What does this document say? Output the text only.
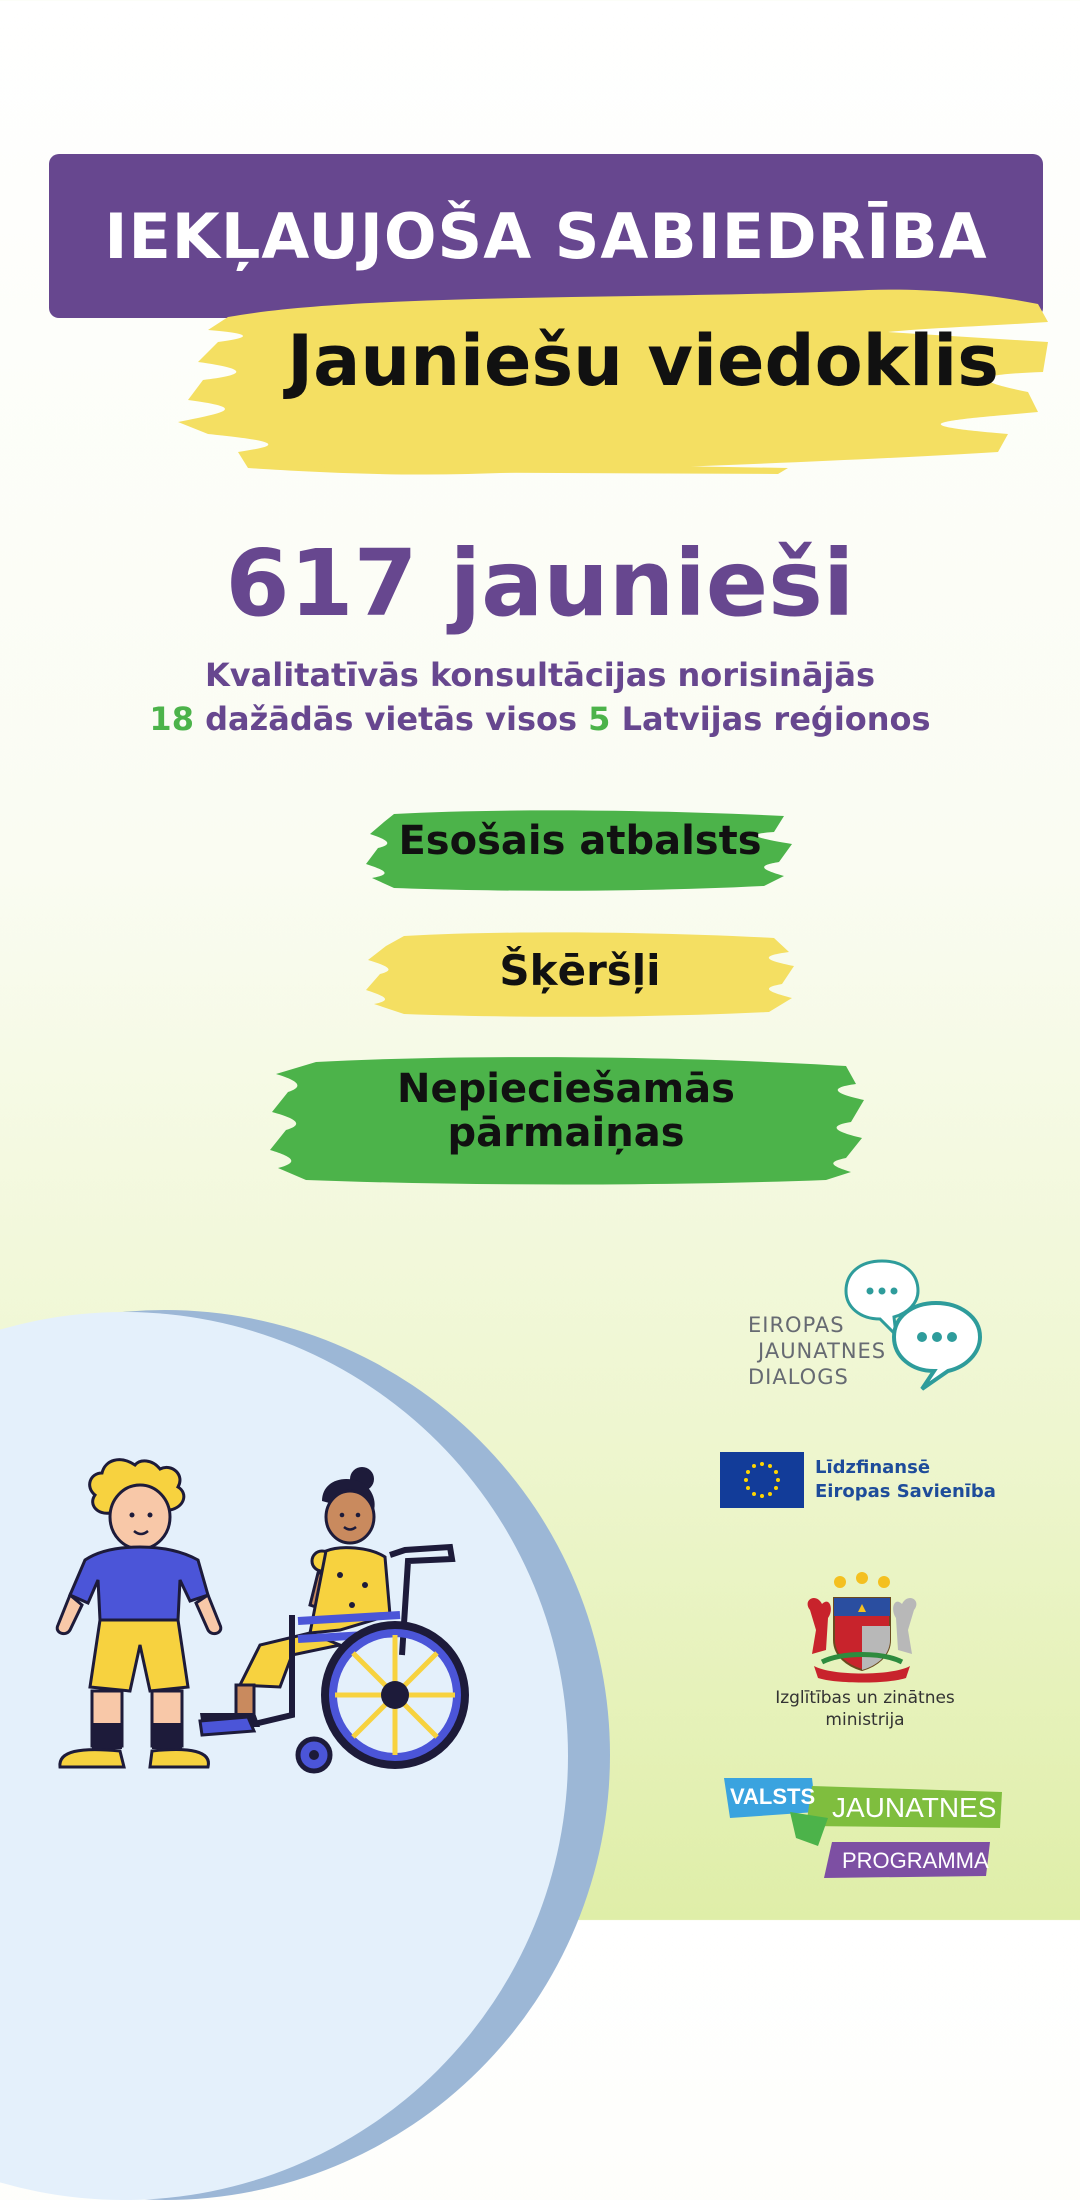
IEKĻAUJOŠA SABIEDRĪBA
Jauniešu viedoklis
617 jaunieši
Kvalitatīvās konsultācijas norisinājās
18 dažādās vietās visos 5 Latvijas reģionos
Esošais atbalsts
Šķēršļi
Nepieciešamās
pārmaiņas
EIROPAS
JAUNATNES
DIALOGS
Līdzfinansē
Eiropas Savienība
Izglītības un zinātnes
ministrija
VALSTS JAUNATNES
PROGRAMMA
